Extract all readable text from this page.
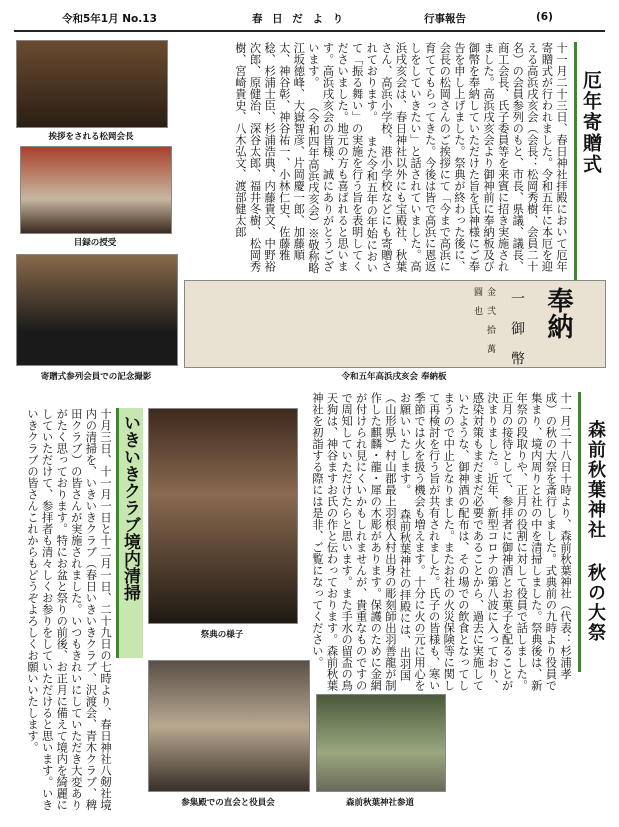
令和5年1月 No.13	春 日 だ よ り	行事報告	(6)
厄年寄贈式
十一月二十三日、春日神社拝殿において厄年寄贈式が行われました。令和五年に本厄を迎える高浜戌亥会（会長：松岡秀樹、会員二十名）の会員参列のもと、市長、県議、議長、商工会長、氏子委員等を来賓に招き実施されました。高浜戌亥会より御神前に奉納板及び御幣を奉納していただけた旨を氏神様にご奉告を申し上げました。祭典が終わった後に、会長の松岡さんのご挨拶にて「今まで高浜に育ててもらってきた。今後は皆で高浜に恩返しをしていきたい」と話されていました。高浜戌亥会は、春日神社以外にも宝殿社、秋葉さん、高浜小学校、港小学校などにも寄贈されております。 また令和五年の年始において「振る舞い」の実施を行う旨を表明してくださいました。地元の方も喜ばれると思います。高浜戌亥会の皆様、誠にありがとうございます。 （令和四年高浜戌亥会）※敬称略 江坂徳峰、大嶽智彦、片岡慶一郎、加藤順太、神谷彰、神谷祐一、小林仁史、佐藤雅稔、杉浦士臣、杉浦浩典、内藤貴文、中野裕次郎、原健治、深谷太郎、福井冬樹、松岡秀樹、宮崎貴史、八木弘文、渡部健太郎
挨拶をされる松岡会長
目録の授受
寄贈式参列会員での記念撮影
奉納
一 御 幣
金 弐 拾 萬 圓 也
令和五年高浜戌亥会 奉納板
森前秋葉神社 秋の大祭
十一月二十八日十時より、森前秋葉神社（代表：杉浦孝成）の秋の大祭を斎行しました。式典前の九時より役員で集まり、境内周りと社の中を清掃しました。祭典後は、新年祭の段取りや、正月の役割に対して役員で話しました。正月の接待として、参拝者に御神酒とお菓子を配ることが決まりました。近年、新型コロナの第八波に入っており、感染対策もまだまだ必要であることから、過去に実施していたような、御神酒の配布は、その場での飲食となってしまうので中止となりました。またお社の火災保険等に関して再検討を行う旨が共有されました。氏子の皆様も、寒い季節では火を扱う機会も増えます。十分に火の元に用心をお願いいたします。 森前秋葉神社の拝殿には、出羽国（山形県）村山郡最上羽根入村出身の彫刻師出羽善龍が制作した麒麟・龍・犀の木彫があります。保護のために金網が付けられ見にくいかもしれませんが、貴重なものですので周知していただけたらと思います。また手水の留盃の鳥天狗は、神谷ますお氏の作と伝わっております。森前秋葉神社を初詣する際には是非、ご覧になってください。
いきいきクラブ境内清掃
十月三日、十一月一日と十二月一日、二十九日の七時より、春日神社八剱社境内の清掃を、いきいきクラブ（春日いきいきクラブ、沢渡会、青木クラブ、稗田クラブ）の皆さんが実施されました。いつもきれいにしていただき大変ありがたく思っております。特にお盆と祭りの前後、お正月に備えて境内を綺麗にしていただけて、参拝者も清々しくお参りをしていただけると思います。いきいきクラブの皆さんこれからもどうぞよろしくお願いいたします。	祭典の様子
参集殿での直会と役員会	森前秋葉神社参道
